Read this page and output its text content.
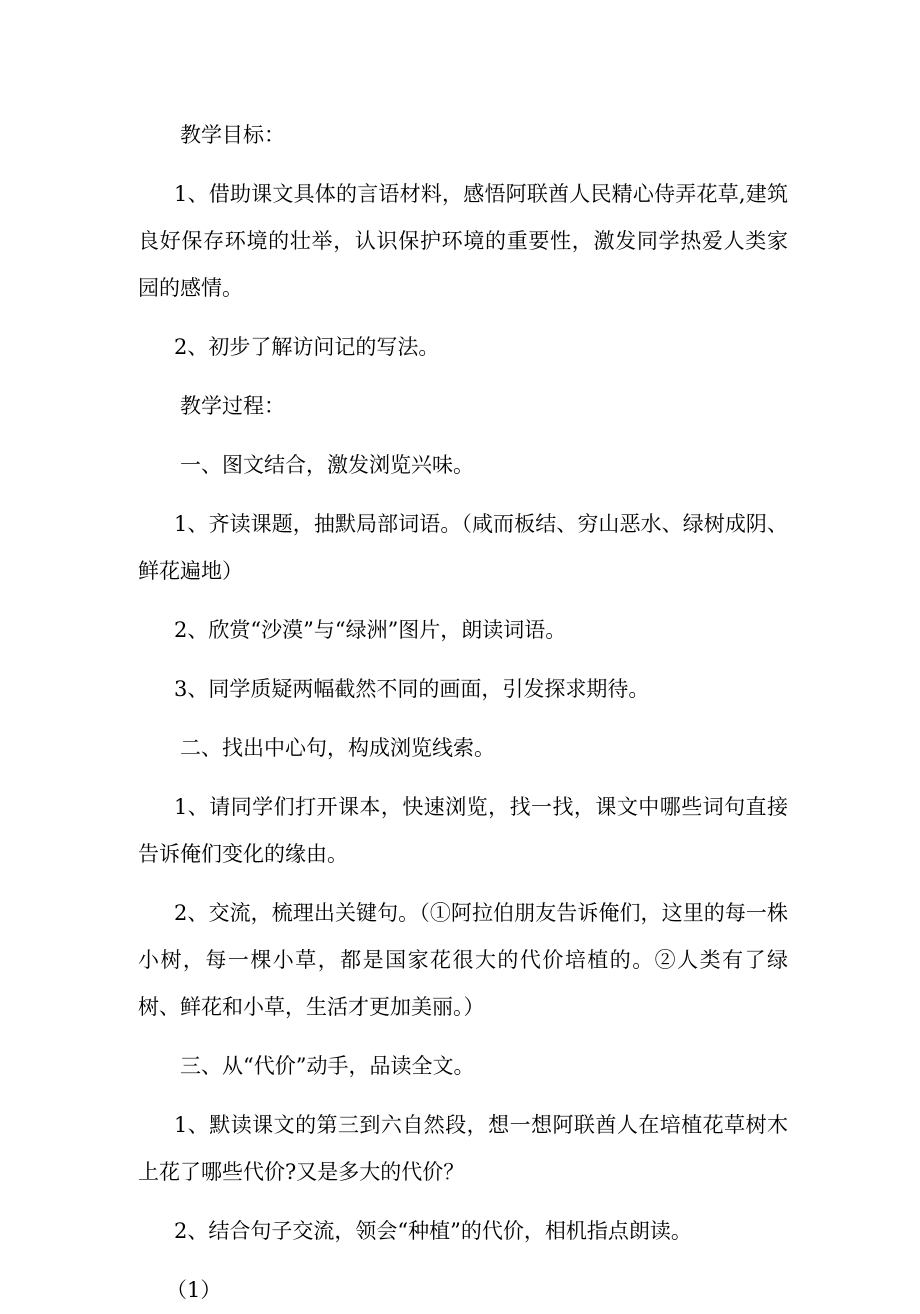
教学目标：

1、借助课文具体的言语材料，感悟阿联酋人民精心侍弄花草,建筑良好保存环境的壮举，认识保护环境的重要性，激发同学热爱人类家园的感情。

2、初步了解访问记的写法。

教学过程：

一、图文结合，激发浏览兴味。

1、齐读课题，抽默局部词语。（咸而板结、穷山恶水、绿树成阴、鲜花遍地）

2、欣赏“沙漠”与“绿洲”图片，朗读词语。

3、同学质疑两幅截然不同的画面，引发探求期待。

二、找出中心句，构成浏览线索。

1、请同学们打开课本，快速浏览，找一找，课文中哪些词句直接告诉俺们变化的缘由。

2、交流，梳理出关键句。（①阿拉伯朋友告诉俺们，这里的每一株小树，每一棵小草，都是国家花很大的代价培植的。②人类有了绿树、鲜花和小草，生活才更加美丽。）

三、从“代价”动手，品读全文。

1、默读课文的第三到六自然段，想一想阿联酋人在培植花草树木上花了哪些代价?又是多大的代价？

2、结合句子交流，领会“种植”的代价，相机指点朗读。

（1）
